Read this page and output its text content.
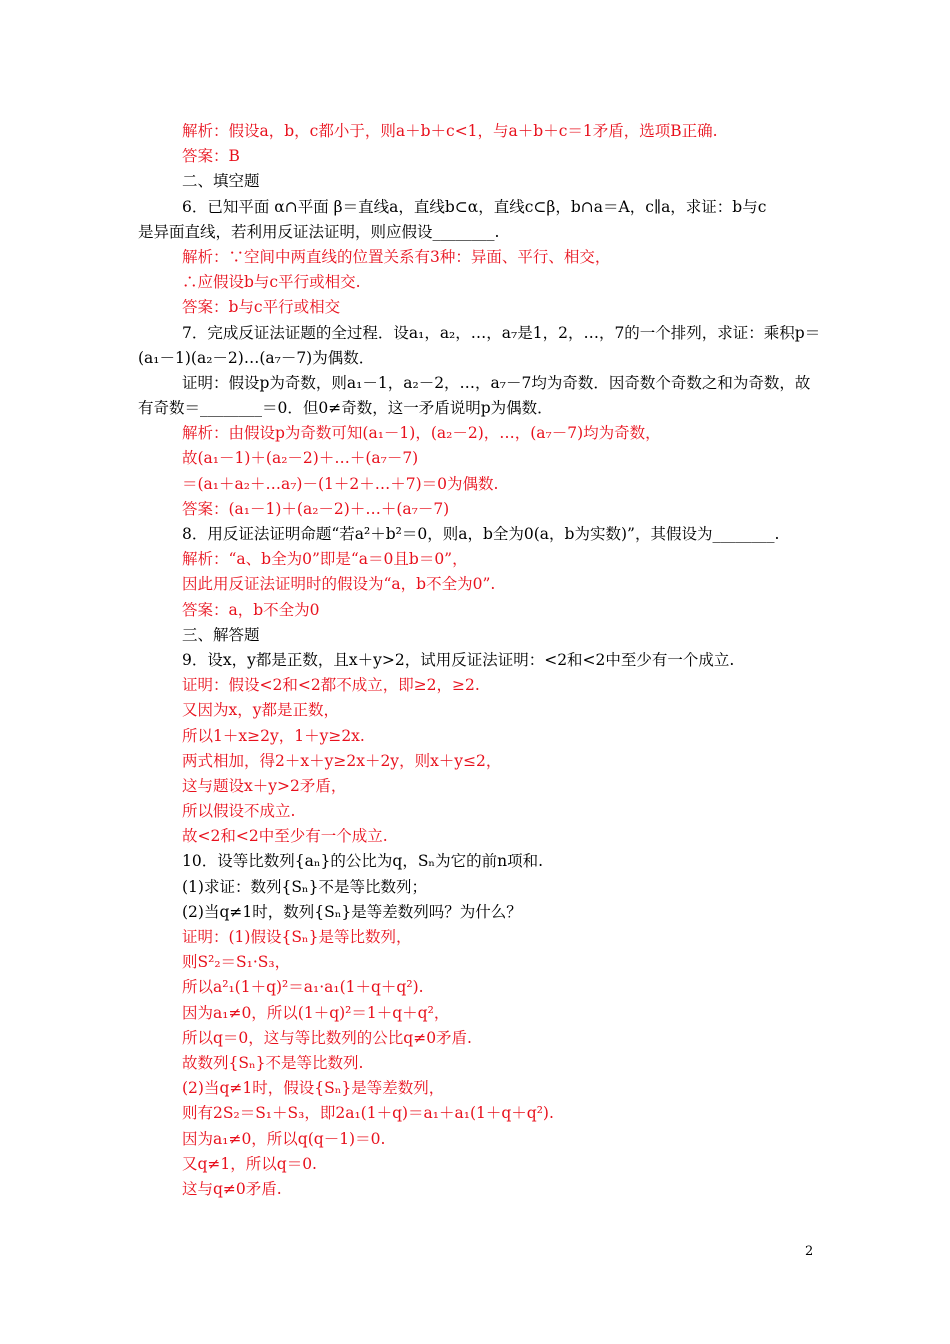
解析：假设a，b，c都小于，则a＋b＋c<1，与a＋b＋c＝1矛盾，选项B正确.
答案：B
二、填空题
6．已知平面 α∩平面 β＝直线a，直线b⊂α，直线c⊂β，b∩a＝A，c∥a，求证：b与c
是异面直线，若利用反证法证明，则应假设________.
解析：∵空间中两直线的位置关系有3种：异面、平行、相交，
∴应假设b与c平行或相交.
答案：b与c平行或相交
7．完成反证法证题的全过程．设a₁，a₂，…，a₇是1，2，…，7的一个排列，求证：乘积p＝
(a₁－1)(a₂－2)…(a₇－7)为偶数．
证明：假设p为奇数，则a₁－1，a₂－2，…，a₇－7均为奇数．因奇数个奇数之和为奇数，故
有奇数＝________＝0．但0≠奇数，这一矛盾说明p为偶数．
解析：由假设p为奇数可知(a₁－1)，(a₂－2)，…，(a₇－7)均为奇数，
故(a₁－1)＋(a₂－2)＋…＋(a₇－7)
＝(a₁＋a₂＋…a₇)－(1＋2＋…＋7)＝0为偶数.
答案：(a₁－1)＋(a₂－2)＋…＋(a₇－7)
8．用反证法证明命题“若a²＋b²＝0，则a，b全为0(a，b为实数)”，其假设为________.
解析：“a、b全为0”即是“a＝0且b＝0”，
因此用反证法证明时的假设为“a，b不全为0”.
答案：a，b不全为0
三、解答题
9．设x，y都是正数，且x＋y>2，试用反证法证明：<2和<2中至少有一个成立.
证明：假设<2和<2都不成立，即≥2，≥2.
又因为x，y都是正数，
所以1＋x≥2y，1＋y≥2x.
两式相加，得2＋x＋y≥2x＋2y，则x＋y≤2，
这与题设x＋y>2矛盾，
所以假设不成立.
故<2和<2中至少有一个成立.
10．设等比数列{aₙ}的公比为q，Sₙ为它的前n项和.
(1)求证：数列{Sₙ}不是等比数列；
(2)当q≠1时，数列{Sₙ}是等差数列吗？为什么？
证明：(1)假设{Sₙ}是等比数列，
则S²₂＝S₁·S₃，
所以a²₁(1＋q)²＝a₁·a₁(1＋q＋q²).
因为a₁≠0，所以(1＋q)²＝1＋q＋q²，
所以q＝0，这与等比数列的公比q≠0矛盾.
故数列{Sₙ}不是等比数列.
(2)当q≠1时，假设{Sₙ}是等差数列，
则有2S₂＝S₁＋S₃，即2a₁(1＋q)＝a₁＋a₁(1＋q＋q²).
因为a₁≠0，所以q(q－1)＝0.
又q≠1，所以q＝0.
这与q≠0矛盾.
2
